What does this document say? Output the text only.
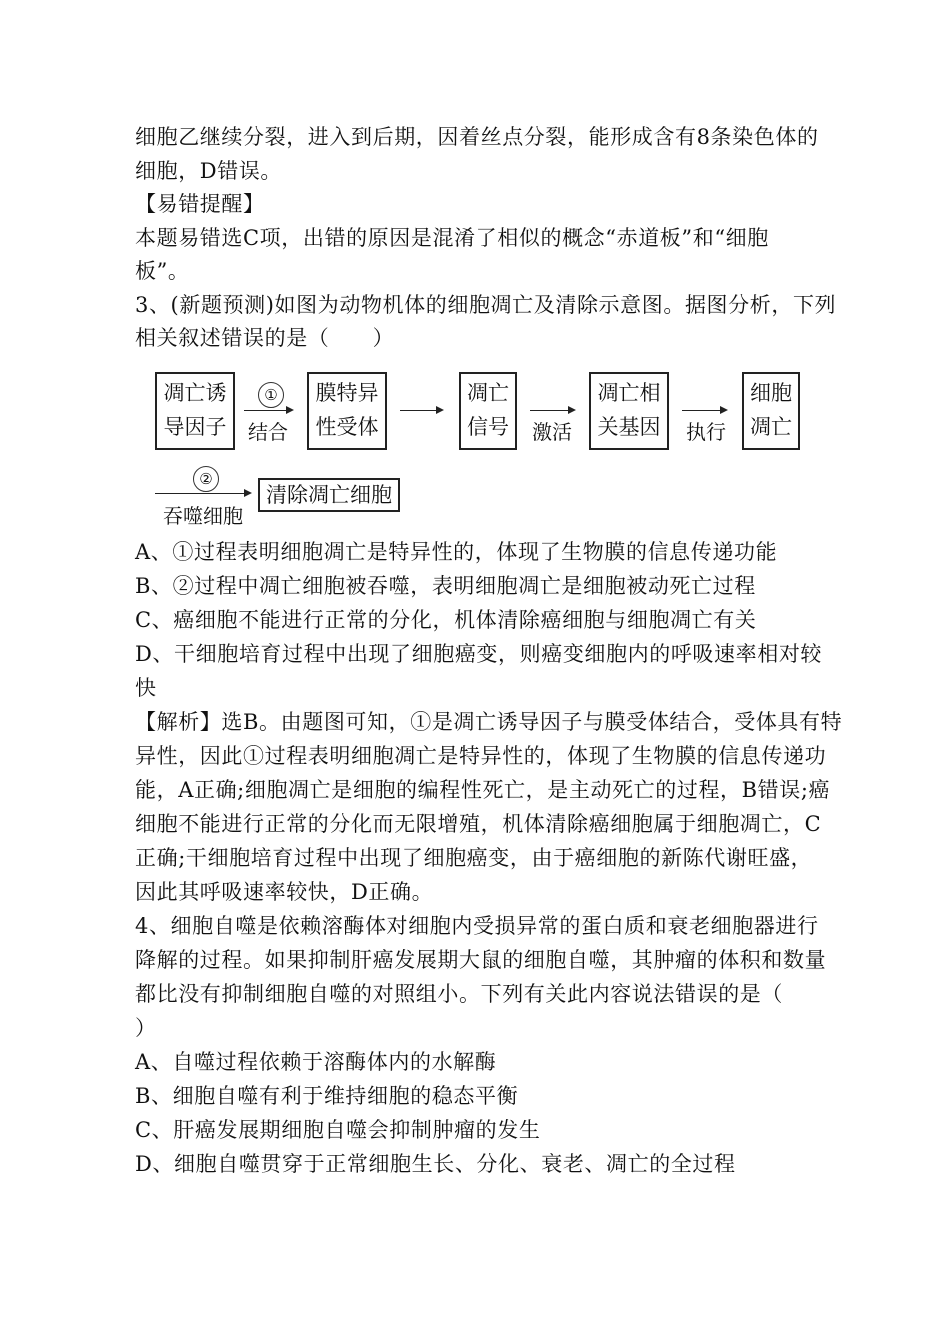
细胞乙继续分裂，进入到后期，因着丝点分裂，能形成含有8条染色体的
细胞，D错误。
【易错提醒】
本题易错选C项，出错的原因是混淆了相似的概念“赤道板”和“细胞
板”。
3、(新题预测)如图为动物机体的细胞凋亡及清除示意图。据图分析，下列
相关叙述错误的是（　　）
凋亡诱
导因子
①
结合
膜特异
性受体
凋亡
信号 激活
凋亡相
关基因 执行
细胞
凋亡
②
吞噬细胞
清除凋亡细胞
A、①过程表明细胞凋亡是特异性的，体现了生物膜的信息传递功能
B、②过程中凋亡细胞被吞噬，表明细胞凋亡是细胞被动死亡过程
C、癌细胞不能进行正常的分化，机体清除癌细胞与细胞凋亡有关
D、干细胞培育过程中出现了细胞癌变，则癌变细胞内的呼吸速率相对较
快
【解析】选B。由题图可知，①是凋亡诱导因子与膜受体结合，受体具有特
异性，因此①过程表明细胞凋亡是特异性的，体现了生物膜的信息传递功
能，A正确;细胞凋亡是细胞的编程性死亡，是主动死亡的过程，B错误;癌
细胞不能进行正常的分化而无限增殖，机体清除癌细胞属于细胞凋亡，C
正确;干细胞培育过程中出现了细胞癌变，由于癌细胞的新陈代谢旺盛，
因此其呼吸速率较快，D正确。
4、细胞自噬是依赖溶酶体对细胞内受损异常的蛋白质和衰老细胞器进行
降解的过程。如果抑制肝癌发展期大鼠的细胞自噬，其肿瘤的体积和数量
都比没有抑制细胞自噬的对照组小。下列有关此内容说法错误的是（
）
A、自噬过程依赖于溶酶体内的水解酶
B、细胞自噬有利于维持细胞的稳态平衡
C、肝癌发展期细胞自噬会抑制肿瘤的发生
D、细胞自噬贯穿于正常细胞生长、分化、衰老、凋亡的全过程
